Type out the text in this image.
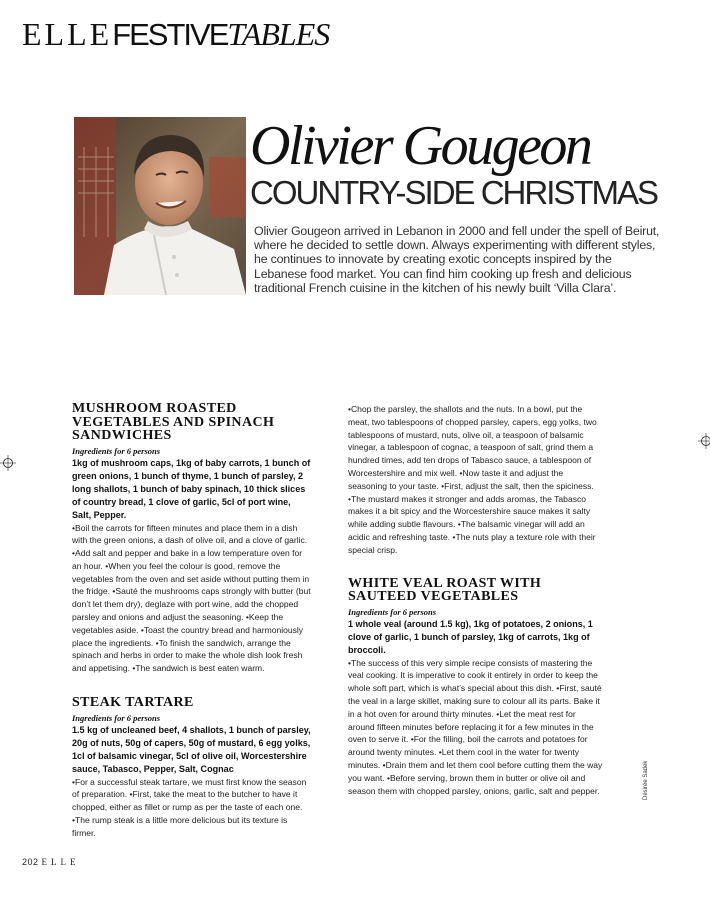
ELLEFESTIVETABLES
Olivier Gougeon
COUNTRY-SIDE CHRISTMAS

Olivier Gougeon arrived in Lebanon in 2000 and fell under the spell of Beirut, where he decided to settle down. Always experimenting with different styles, he continues to innovate by creating exotic concepts inspired by the Lebanese food market. You can find him cooking up fresh and delicious traditional French cuisine in the kitchen of his newly built ‘Villa Clara’.

MUSHROOM ROASTED VEGETABLES AND SPINACH SANDWICHES
Ingredients for 6 persons
1kg of mushroom caps, 1kg of baby carrots, 1 bunch of green onions, 1 bunch of thyme, 1 bunch of parsley, 2 long shallots, 1 bunch of baby spinach, 10 thick slices of country bread, 1 clove of garlic, 5cl of port wine, Salt, Pepper.
•Boil the carrots for fifteen minutes and place them in a dish with the green onions, a dash of olive oil, and a clove of garlic. •Add salt and pepper and bake in a low temperature oven for an hour. •When you feel the colour is good, remove the vegetables from the oven and set aside without putting them in the fridge. •Sauté the mushrooms caps strongly with butter (but don’t let them dry), deglaze with port wine, add the chopped parsley and onions and adjust the seasoning. •Keep the vegetables aside. •Toast the country bread and harmoniously place the ingredients. •To finish the sandwich, arrange the spinach and herbs in order to make the whole dish look fresh and appetising. •The sandwich is best eaten warm.
STEAK TARTARE
Ingredients for 6 persons
1.5 kg of uncleaned beef, 4 shallots, 1 bunch of parsley, 20g of nuts, 50g of capers, 50g of mustard, 6 egg yolks, 1cl of balsamic vinegar, 5cl of olive oil, Worcestershire sauce, Tabasco, Pepper, Salt, Cognac
•For a successful steak tartare, we must first know the season of preparation. •First, take the meat to the butcher to have it chopped, either as fillet or rump as per the taste of each one. •The rump steak is a little more delicious but its texture is firmer.
•Chop the parsley, the shallots and the nuts. In a bowl, put the meat, two tablespoons of chopped parsley, capers, egg yolks, two tablespoons of mustard, nuts, olive oil, a teaspoon of balsamic vinegar, a tablespoon of cognac, a teaspoon of salt, grind them a hundred times, add ten drops of Tabasco sauce, a tablespoon of Worcestershire and mix well. •Now taste it and adjust the seasoning to your taste. •First, adjust the salt, then the spiciness. •The mustard makes it stronger and adds aromas, the Tabasco makes it a bit spicy and the Worcestershire sauce makes it salty while adding subtle flavours. •The balsamic vinegar will add an acidic and refreshing taste. •The nuts play a texture role with their special crisp.
WHITE VEAL ROAST WITH SAUTEED VEGETABLES
Ingredients for 6 persons
1 whole veal (around 1.5 kg), 1kg of potatoes, 2 onions, 1 clove of garlic, 1 bunch of parsley, 1kg of carrots, 1kg of broccoli.
•The success of this very simple recipe consists of mastering the veal cooking. It is imperative to cook it entirely in order to keep the whole soft part, which is what’s special about this dish. •First, sauté the veal in a large skillet, making sure to colour all its parts. Bake it in a hot oven for around thirty minutes. •Let the meat rest for around fifteen minutes before replacing it for a few minutes in the oven to serve it. •For the filling, boil the carrots and potatoes for around twenty minutes. •Let them cool in the water for twenty minutes. •Drain them and let them cool before cutting them the way you want. •Before serving, brown them in butter or olive oil and season them with chopped parsley, onions, garlic, salt and pepper.	Désirée Sadek
202 ELLE
